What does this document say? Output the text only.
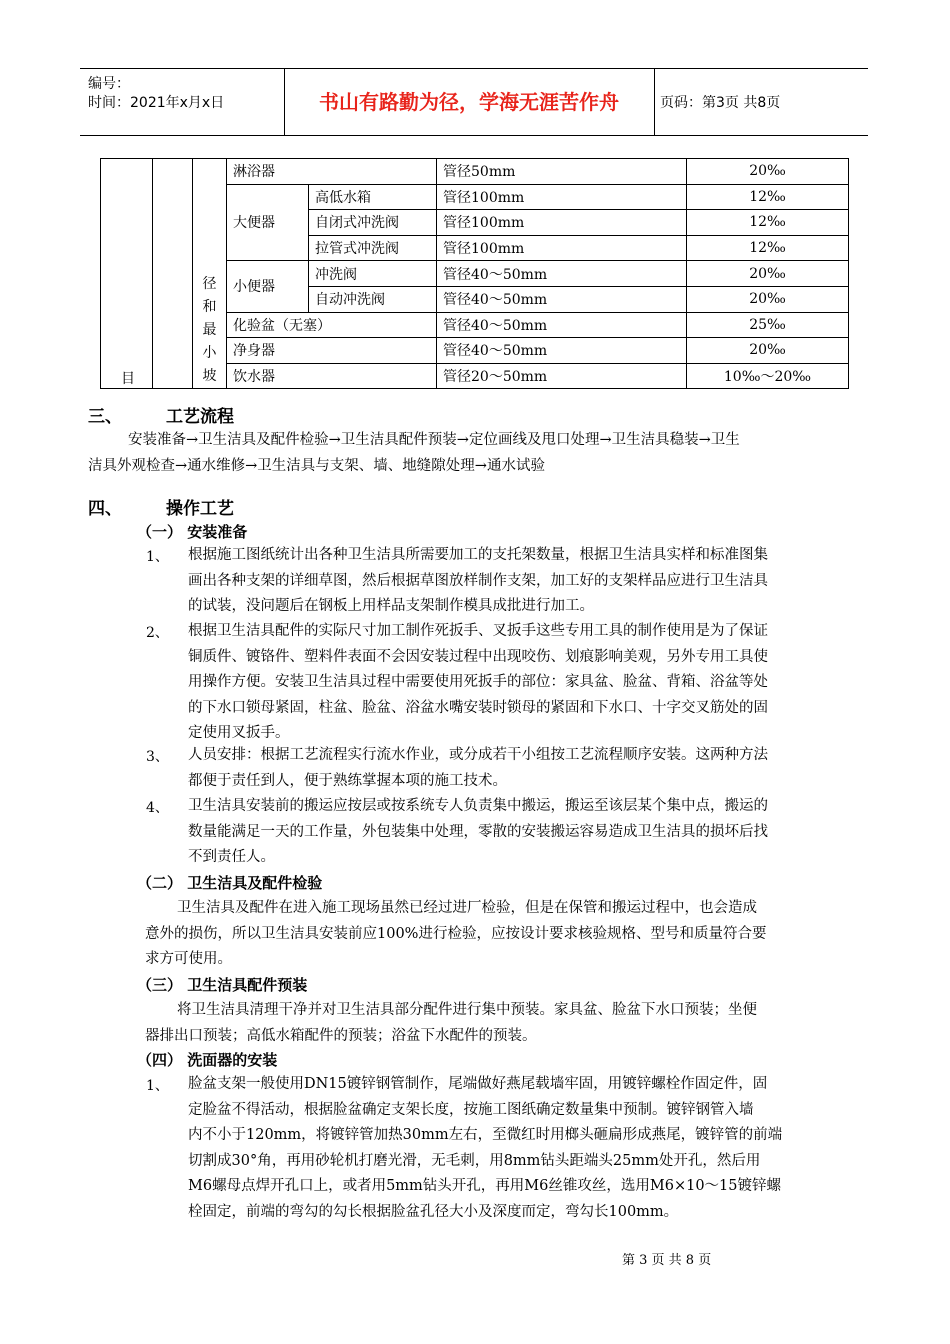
编号：
时间：2021年x月x日	书山有路勤为径，学海无涯苦作舟	页码：第3页 共8页
目		径
和
最
小
坡	淋浴器		管径50mm	20‰
			大便器	高低水箱	管径100mm	12‰
				自闭式冲洗阀	管径100mm	12‰
				拉管式冲洗阀	管径100mm	12‰
			小便器	冲洗阀	管径40～50mm	20‰
				自动冲洗阀	管径40～50mm	20‰
			化验盆（无塞）		管径40～50mm	25‰
			净身器		管径40～50mm	20‰
			饮水器		管径20～50mm	10‰～20‰
三、	工艺流程
安装准备→卫生洁具及配件检验→卫生洁具配件预装→定位画线及甩口处理→卫生洁具稳装→卫生
洁具外观检查→通水维修→卫生洁具与支架、墙、地缝隙处理→通水试验
四、	操作工艺
（一） 安装准备
1、 根据施工图纸统计出各种卫生洁具所需要加工的支托架数量，根据卫生洁具实样和标准图集
画出各种支架的详细草图，然后根据草图放样制作支架，加工好的支架样品应进行卫生洁具
的试装，没问题后在钢板上用样品支架制作模具成批进行加工。
2、 根据卫生洁具配件的实际尺寸加工制作死扳手、叉扳手这些专用工具的制作使用是为了保证
铜质件、镀铬件、塑料件表面不会因安装过程中出现咬伤、划痕影响美观，另外专用工具使
用操作方便。安装卫生洁具过程中需要使用死扳手的部位：家具盆、脸盆、背箱、浴盆等处
的下水口锁母紧固，柱盆、脸盆、浴盆水嘴安装时锁母的紧固和下水口、十字交叉筋处的固
定使用叉扳手。
3、 人员安排：根据工艺流程实行流水作业，或分成若干小组按工艺流程顺序安装。这两种方法
都便于责任到人，便于熟练掌握本项的施工技术。
4、 卫生洁具安装前的搬运应按层或按系统专人负责集中搬运，搬运至该层某个集中点，搬运的
数量能满足一天的工作量，外包装集中处理，零散的安装搬运容易造成卫生洁具的损坏后找
不到责任人。
（二） 卫生洁具及配件检验
卫生洁具及配件在进入施工现场虽然已经过进厂检验，但是在保管和搬运过程中，也会造成
意外的损伤，所以卫生洁具安装前应100%进行检验，应按设计要求核验规格、型号和质量符合要
求方可使用。
（三） 卫生洁具配件预装
将卫生洁具清理干净并对卫生洁具部分配件进行集中预装。家具盆、脸盆下水口预装；坐便
器排出口预装；高低水箱配件的预装；浴盆下水配件的预装。
（四） 洗面器的安装
1、 脸盆支架一般使用DN15镀锌钢管制作，尾端做好燕尾载墙牢固，用镀锌螺栓作固定件，固
定脸盆不得活动，根据脸盆确定支架长度，按施工图纸确定数量集中预制。镀锌钢管入墙
内不小于120mm，将镀锌管加热30mm左右，至微红时用榔头砸扁形成燕尾，镀锌管的前端
切割成30°角，再用砂轮机打磨光滑，无毛刺，用8mm钻头距端头25mm处开孔，然后用
M6螺母点焊开孔口上，或者用5mm钻头开孔，再用M6丝锥攻丝，选用M6×10～15镀锌螺
栓固定，前端的弯勾的勾长根据脸盆孔径大小及深度而定，弯勾长100mm。
第 3 页 共 8 页
